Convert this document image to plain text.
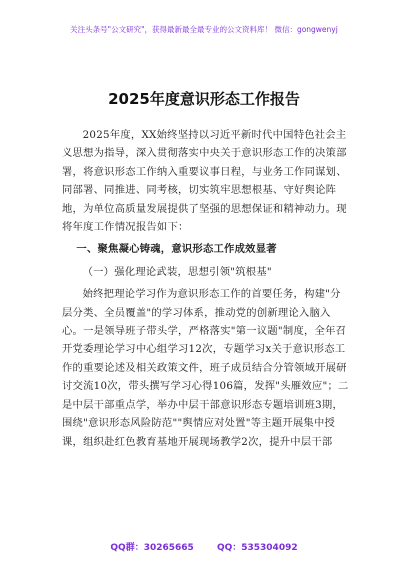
关注头条号"公文研究"，获得最新最全最专业的公文资料库！ 微信：gongwenyj
2025年度意识形态工作报告

2025年度，XX始终坚持以习近平新时代中国特色社会主义思想为指导，深入贯彻落实中央关于意识形态工作的决策部署，将意识形态工作纳入重要议事日程，与业务工作同谋划、同部署、同推进、同考核，切实筑牢思想根基、守好舆论阵地，为单位高质量发展提供了坚强的思想保证和精神动力。现将年度工作情况报告如下：

一、聚焦凝心铸魂，意识形态工作成效显著

（一）强化理论武装，思想引领"筑根基"

始终把理论学习作为意识形态工作的首要任务，构建"分层分类、全员覆盖"的学习体系，推动党的创新理论入脑入心。一是领导班子带头学，严格落实"第一议题"制度，全年召开党委理论学习中心组学习12次，专题学习x关于意识形态工作的重要论述及相关政策文件，班子成员结合分管领域开展研讨交流10次，带头撰写学习心得106篇，发挥"头雁效应"；二是中层干部重点学，举办中层干部意识形态专题培训班3期，围绕"意识形态风险防范""舆情应对处置"等主题开展集中授课，组织赴红色教育基地开展现场教学2次，提升中层干部

QQ群：30265665	QQ：535304092
